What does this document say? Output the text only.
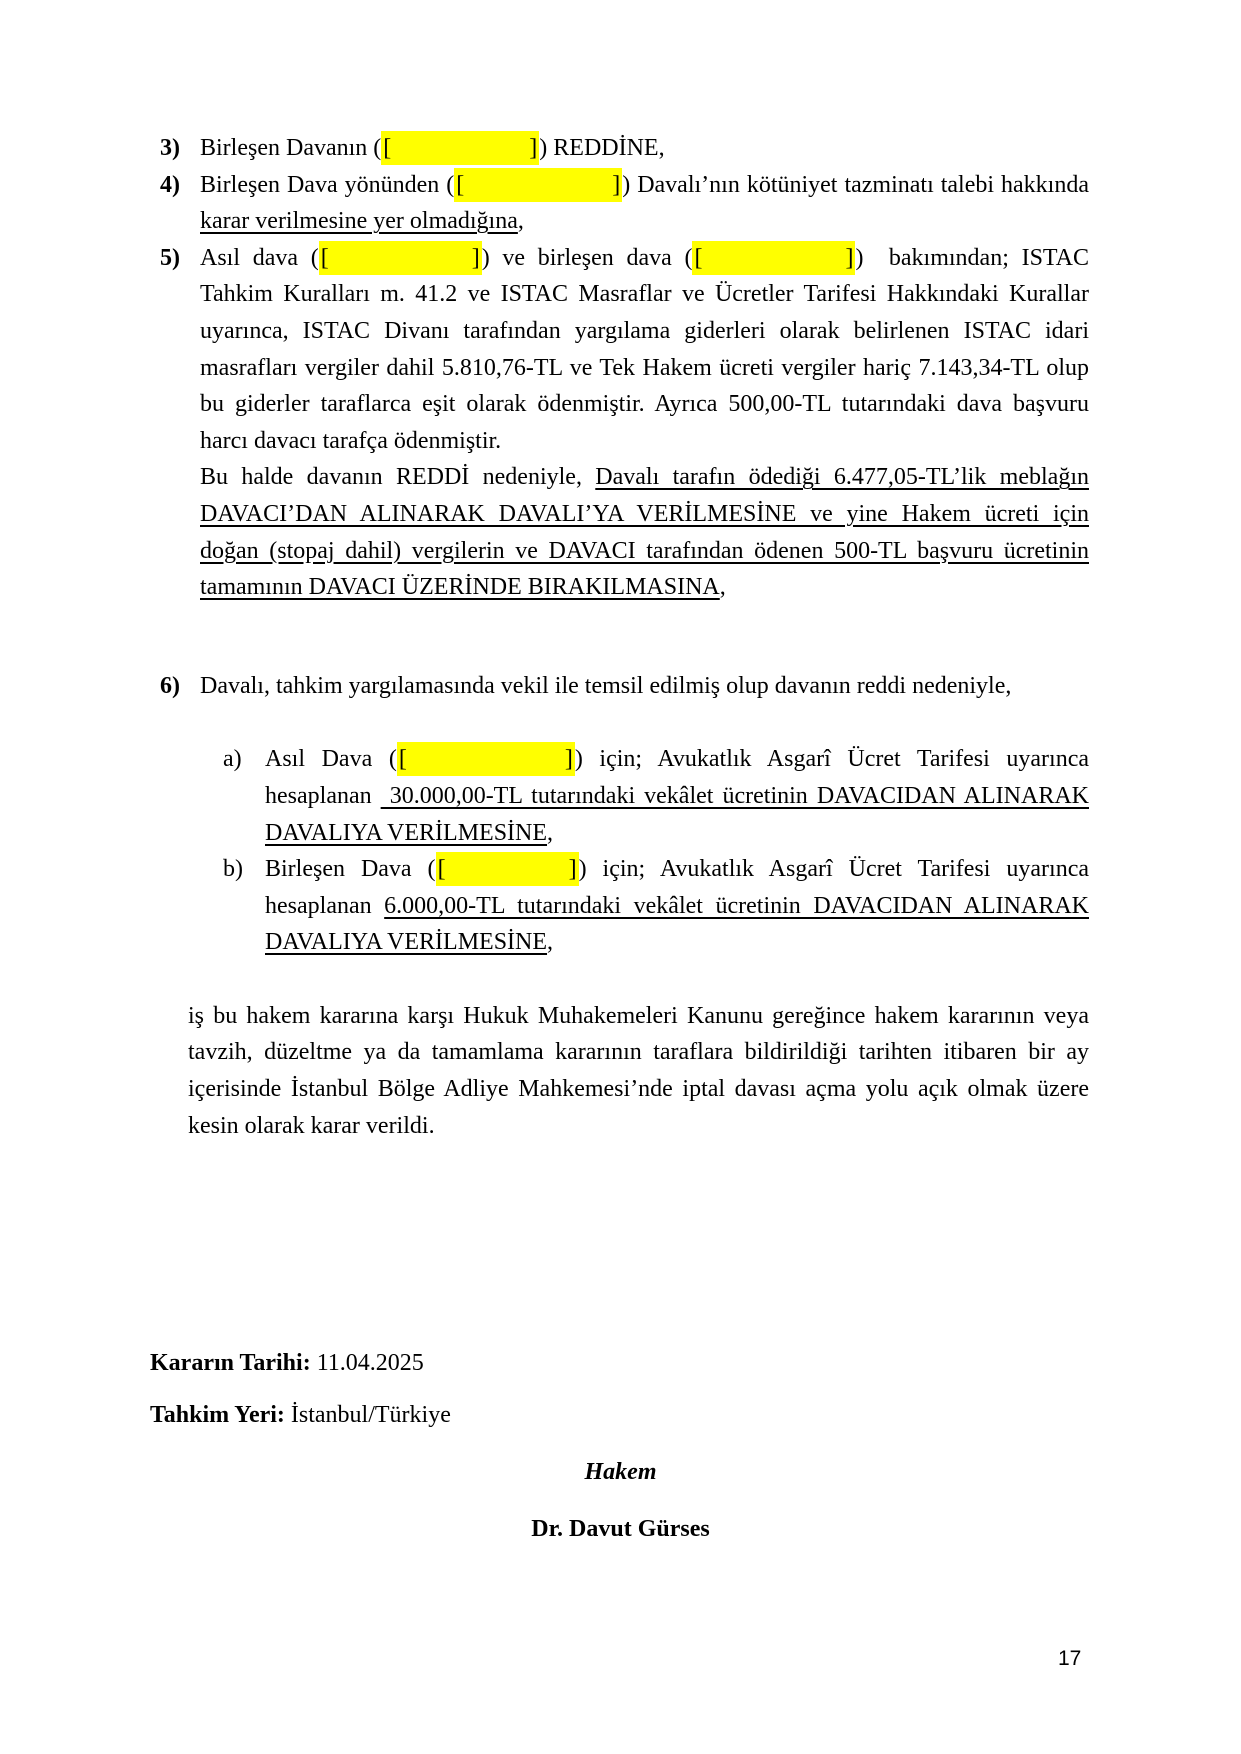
3) Birleşen Davanın ([	]) REDDİNE,
4) Birleşen Dava yönünden ([	]) Davalı’nın kötüniyet tazminatı talebi hakkında karar verilmesine yer olmadığına,
5) Asıl dava ([	]) ve birleşen dava ([	])  bakımından; ISTAC Tahkim Kuralları m. 41.2 ve ISTAC Masraflar ve Ücretler Tarifesi Hakkındaki Kurallar uyarınca, ISTAC Divanı tarafından yargılama giderleri olarak belirlenen ISTAC idari masrafları vergiler dahil 5.810,76-TL ve Tek Hakem ücreti vergiler hariç 7.143,34-TL olup bu giderler taraflarca eşit olarak ödenmiştir. Ayrıca 500,00-TL tutarındaki dava başvuru harcı davacı tarafça ödenmiştir.
Bu halde davanın REDDİ nedeniyle, Davalı tarafın ödediği 6.477,05-TL’lik meblağın DAVACI’DAN ALINARAK DAVALI’YA VERİLMESİNE ve yine Hakem ücreti için doğan (stopaj dahil) vergilerin ve DAVACI tarafından ödenen 500-TL başvuru ücretinin tamamının DAVACI ÜZERİNDE BIRAKILMASINA,
6) Davalı, tahkim yargılamasında vekil ile temsil edilmiş olup davanın reddi nedeniyle,
a) Asıl Dava ([	]) için; Avukatlık Asgarî Ücret Tarifesi uyarınca hesaplanan  30.000,00-TL tutarındaki vekâlet ücretinin DAVACIDAN ALINARAK DAVALIYA VERİLMESİNE,
b) Birleşen Dava ([	]) için; Avukatlık Asgarî Ücret Tarifesi uyarınca hesaplanan 6.000,00-TL tutarındaki vekâlet ücretinin DAVACIDAN ALINARAK DAVALIYA VERİLMESİNE,
iş bu hakem kararına karşı Hukuk Muhakemeleri Kanunu gereğince hakem kararının veya tavzih, düzeltme ya da tamamlama kararının taraflara bildirildiği tarihten itibaren bir ay içerisinde İstanbul Bölge Adliye Mahkemesi’nde iptal davası açma yolu açık olmak üzere kesin olarak karar verildi.
Kararın Tarihi: 11.04.2025
Tahkim Yeri: İstanbul/Türkiye
Hakem
Dr. Davut Gürses
17
